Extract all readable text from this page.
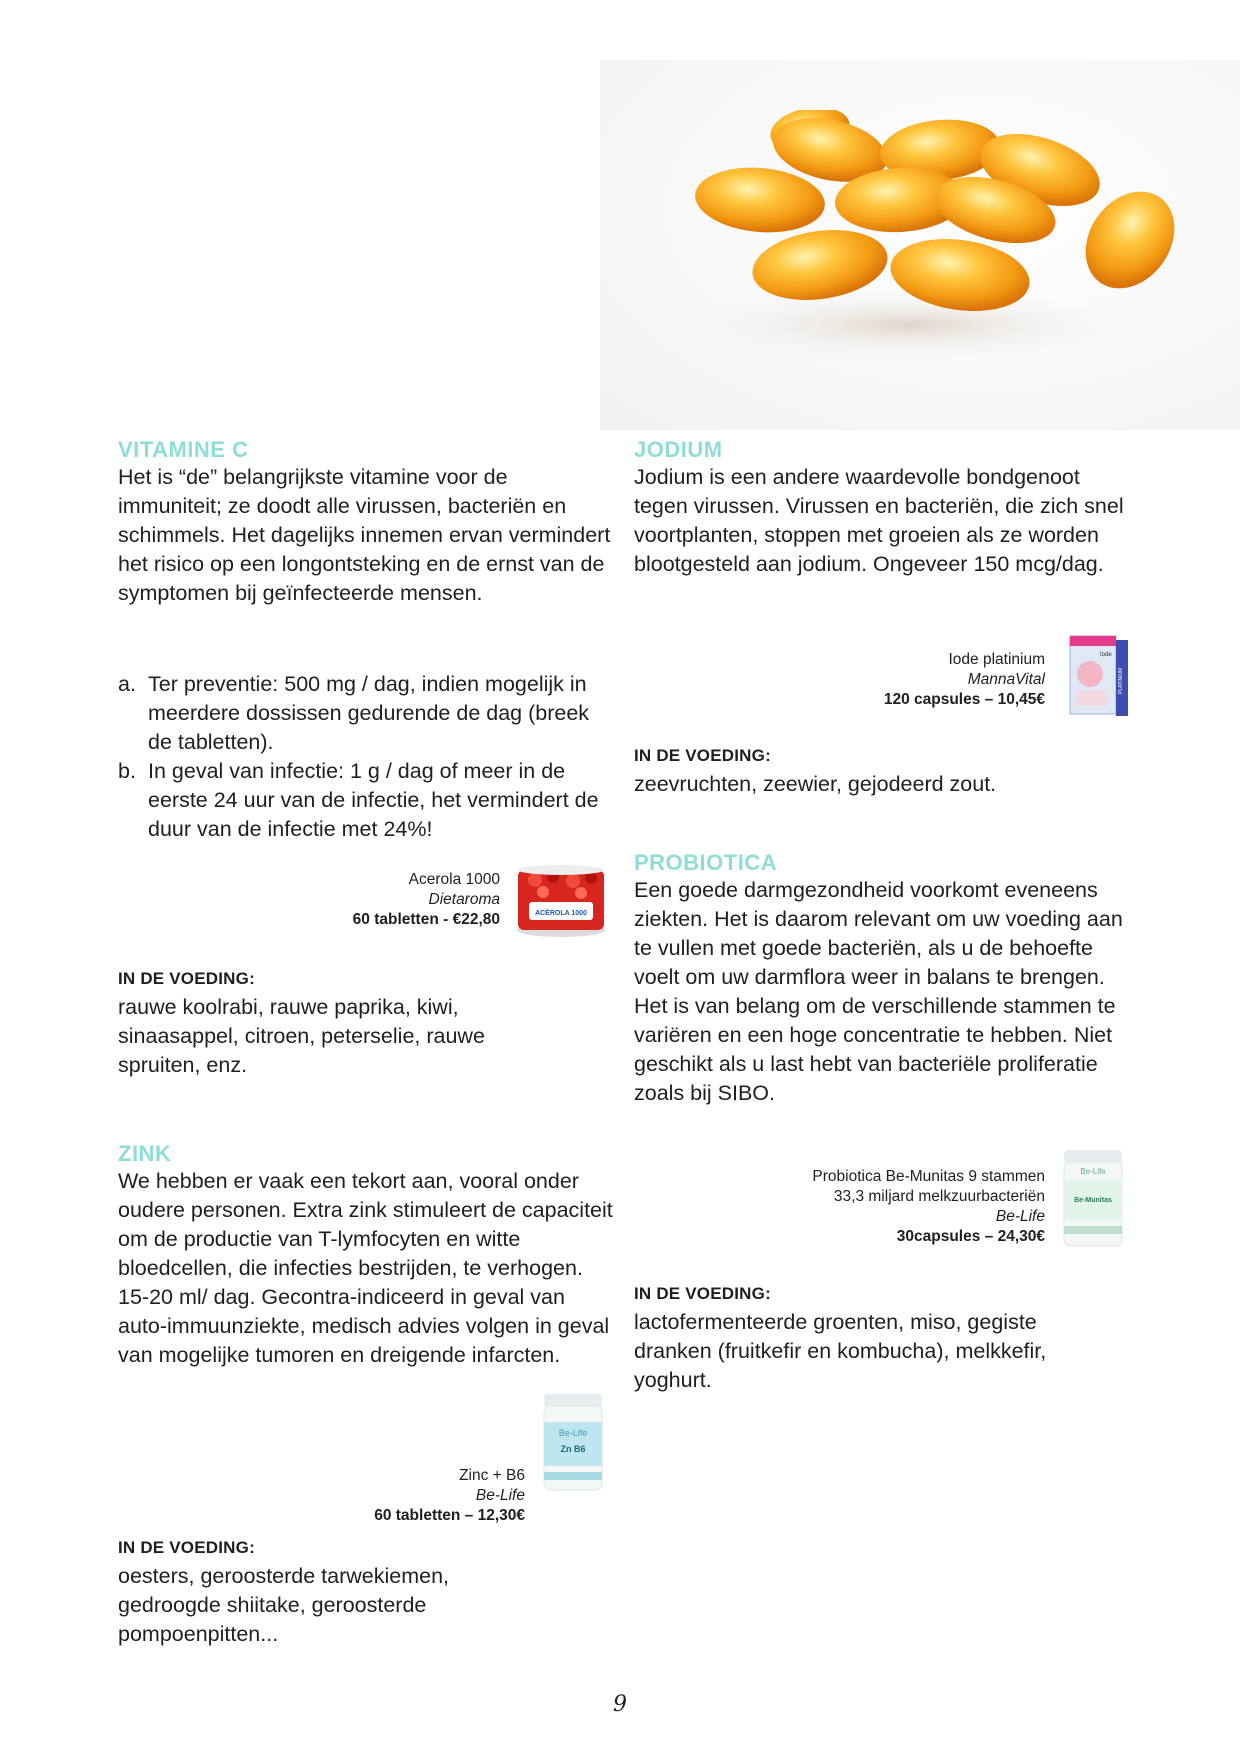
VITAMINE C

Het is “de” belangrijkste vitamine voor de immuniteit; ze doodt alle virussen, bacteriën en schimmels. Het dagelijks innemen ervan vermindert het risico op een longontsteking en de ernst van de symptomen bij geïnfecteerde mensen.

a. Ter preventie: 500 mg / dag, indien mogelijk in meerdere dossissen gedurende de dag (breek de tabletten).
b. In geval van infectie: 1 g / dag of meer in de eerste 24 uur van de infectie, het vermindert de duur van de infectie met 24%!
Acerola 1000
Dietaroma
60 tabletten - €22,80	ACÉROLA 1000
IN DE VOEDING:

rauwe koolrabi, rauwe paprika, kiwi, sinaasappel, citroen, peterselie, rauwe spruiten, enz.

ZINK

We hebben er vaak een tekort aan, vooral onder oudere personen. Extra zink stimuleert de capaciteit om de productie van T-lymfocyten en witte bloedcellen, die infecties bestrijden, te verhogen. 15-20 ml/ dag. Gecontra-indiceerd in geval van auto-immuunziekte, medisch advies volgen in geval van mogelijke tumoren en dreigende infarcten.

Be-Life
Zn B6
Zinc + B6
Be-Life
60 tabletten – 12,30€
IN DE VOEDING:

oesters, geroosterde tarwekiemen, gedroogde shiitake, geroosterde pompoenpitten...

JODIUM

Jodium is een andere waardevolle bondgenoot tegen virussen. Virussen en bacteriën, die zich snel voortplanten, stoppen met groeien als ze worden blootgesteld aan jodium. Ongeveer 150 mcg/dag.

Iode platinium
MannaVital
120 capsules – 10,45€
Iode
PLATINIUM
IN DE VOEDING:

zeevruchten, zeewier, gejodeerd zout.

PROBIOTICA

Een goede darmgezondheid voorkomt eveneens ziekten. Het is daarom relevant om uw voeding aan te vullen met goede bacteriën, als u de behoefte voelt om uw darmflora weer in balans te brengen. Het is van belang om de verschillende stammen te variëren en een hoge concentratie te hebben. Niet geschikt als u last hebt van bacteriële proliferatie zoals bij SIBO.

Probiotica Be-Munitas 9 stammen
33,3 miljard melkzuurbacteriën
Be-Life
30capsules – 24,30€
Be-Life
Be-Munitas
IN DE VOEDING:

lactofermenteerde groenten, miso, gegiste dranken (fruitkefir en kombucha), melkkefir, yoghurt.

9
